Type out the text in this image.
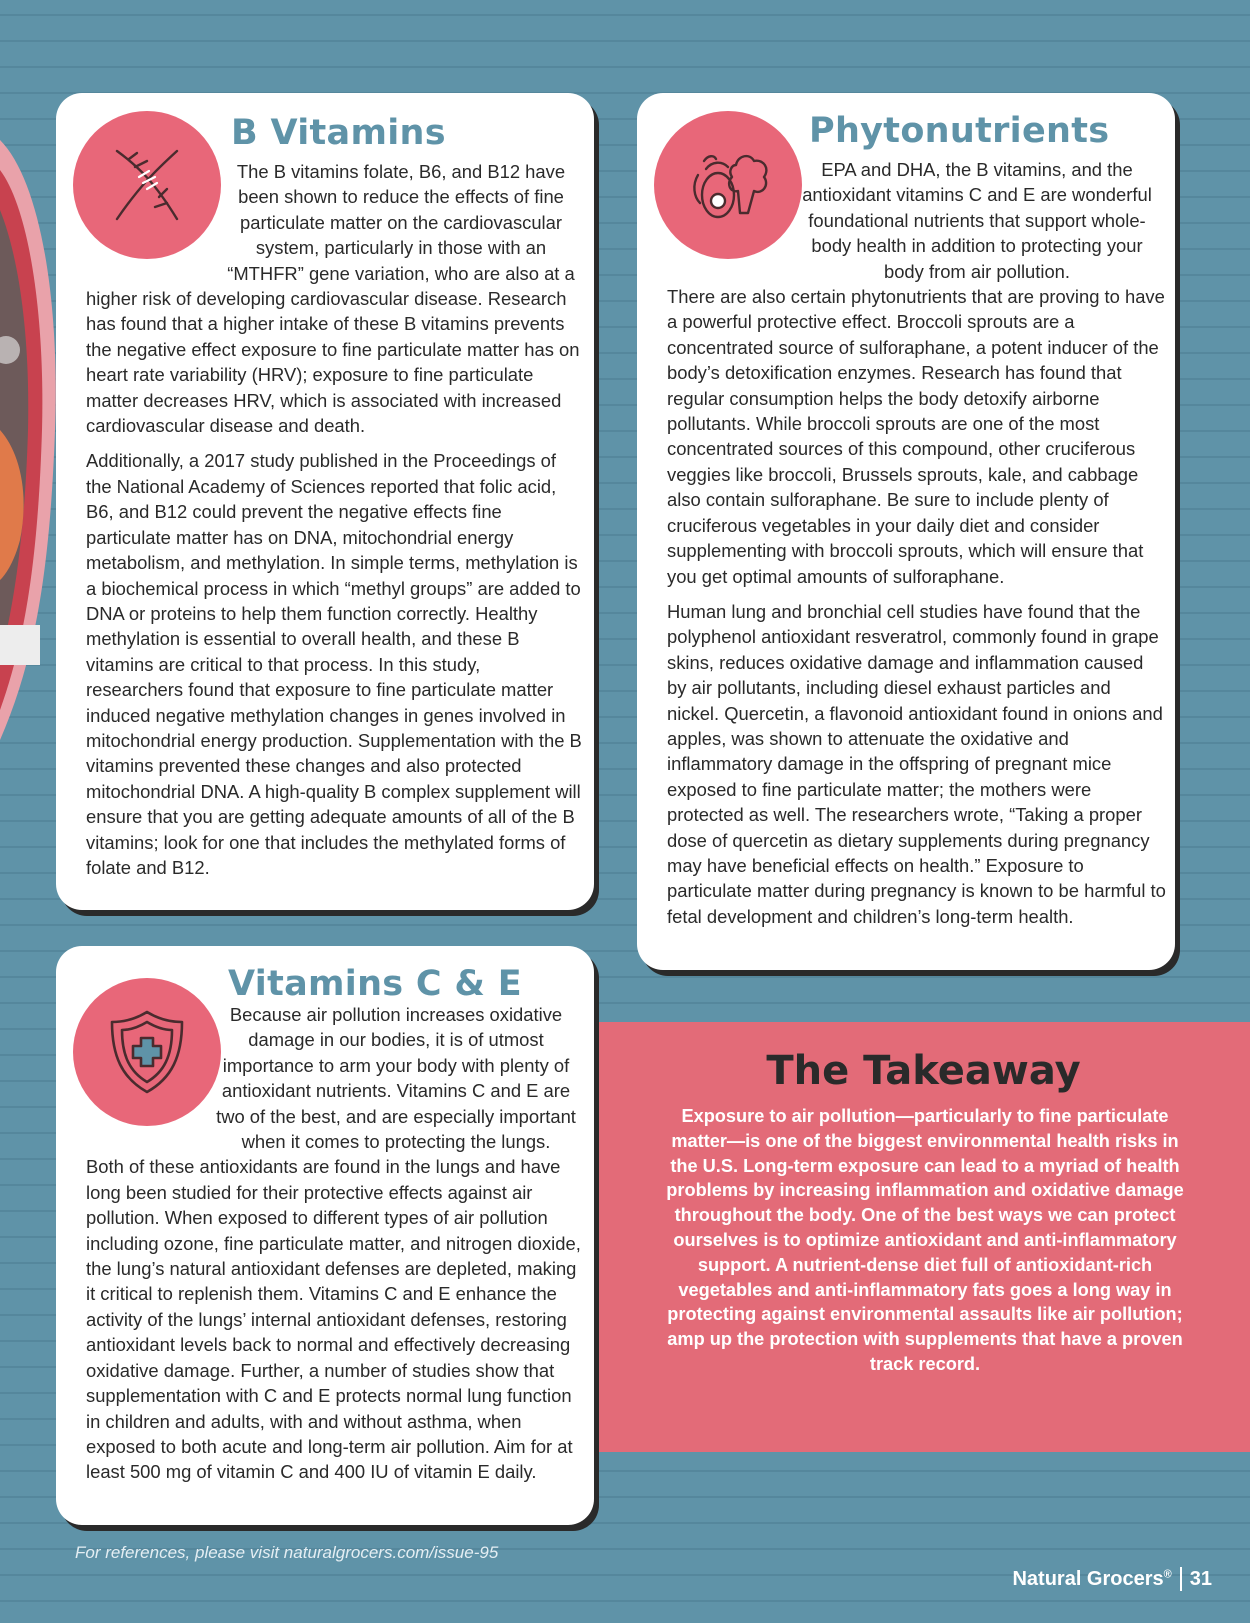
B Vitamins

The B vitamins folate, B6, and B12 have been shown to reduce the effects of fine particulate matter on the cardiovascular system, particularly in those with an “MTHFR” gene variation, who are also at a

higher risk of developing cardiovascular disease. Research has found that a higher intake of these B vitamins prevents the negative effect exposure to fine particulate matter has on heart rate variability (HRV); exposure to fine particulate matter decreases HRV, which is associated with increased cardiovascular disease and death.

Additionally, a 2017 study published in the Proceedings of the National Academy of Sciences reported that folic acid, B6, and B12 could prevent the negative effects fine particulate matter has on DNA, mitochondrial energy metabolism, and methylation. In simple terms, methylation is a biochemical process in which “methyl groups” are added to DNA or proteins to help them function correctly. Healthy methylation is essential to overall health, and these B vitamins are critical to that process. In this study, researchers found that exposure to fine particulate matter induced negative methylation changes in genes involved in mitochondrial energy production. Supplementation with the B vitamins prevented these changes and also protected mitochondrial DNA. A high-quality B complex supplement will ensure that you are getting adequate amounts of all of the B vitamins; look for one that includes the methylated forms of folate and B12.

Phytonutrients

EPA and DHA, the B vitamins, and the antioxidant vitamins C and E are wonderful foundational nutrients that support whole-body health in addition to protecting your body from air pollution.

There are also certain phytonutrients that are proving to have a powerful protective effect. Broccoli sprouts are a concentrated source of sulforaphane, a potent inducer of the body’s detoxification enzymes. Research has found that regular consumption helps the body detoxify airborne pollutants. While broccoli sprouts are one of the most concentrated sources of this compound, other cruciferous veggies like broccoli, Brussels sprouts, kale, and cabbage also contain sulforaphane. Be sure to include plenty of cruciferous vegetables in your daily diet and consider supplementing with broccoli sprouts, which will ensure that you get optimal amounts of sulforaphane.

Human lung and bronchial cell studies have found that the polyphenol antioxidant resveratrol, commonly found in grape skins, reduces oxidative damage and inflammation caused by air pollutants, including diesel exhaust particles and nickel. Quercetin, a flavonoid antioxidant found in onions and apples, was shown to attenuate the oxidative and inflammatory damage in the offspring of pregnant mice exposed to fine particulate matter; the mothers were protected as well. The researchers wrote, “Taking a proper dose of quercetin as dietary supplements during pregnancy may have beneficial effects on health.” Exposure to particulate matter during pregnancy is known to be harmful to fetal development and children’s long-term health.

The Takeaway
Exposure to air pollution—particularly to fine particulate matter—is one of the biggest environmental health risks in the U.S. Long-term exposure can lead to a myriad of health problems by increasing inflammation and oxidative damage throughout the body. One of the best ways we can protect ourselves is to optimize antioxidant and anti-inflammatory support. A nutrient-dense diet full of antioxidant-rich vegetables and anti-inflammatory fats goes a long way in protecting against environmental assaults like air pollution; amp up the protection with supplements that have a proven track record.
Vitamins C & E

Because air pollution increases oxidative damage in our bodies, it is of utmost importance to arm your body with plenty of antioxidant nutrients. Vitamins C and E are two of the best, and are especially important when it comes to protecting the lungs.

Both of these antioxidants are found in the lungs and have long been studied for their protective effects against air pollution. When exposed to different types of air pollution including ozone, fine particulate matter, and nitrogen dioxide, the lung’s natural antioxidant defenses are depleted, making it critical to replenish them. Vitamins C and E enhance the activity of the lungs’ internal antioxidant defenses, restoring antioxidant levels back to normal and effectively decreasing oxidative damage. Further, a number of studies show that supplementation with C and E protects normal lung function in children and adults, with and without asthma, when exposed to both acute and long-term air pollution. Aim for at least 500 mg of vitamin C and 400 IU of vitamin E daily.

For references, please visit naturalgrocers.com/issue-95
Natural Grocers® 31
